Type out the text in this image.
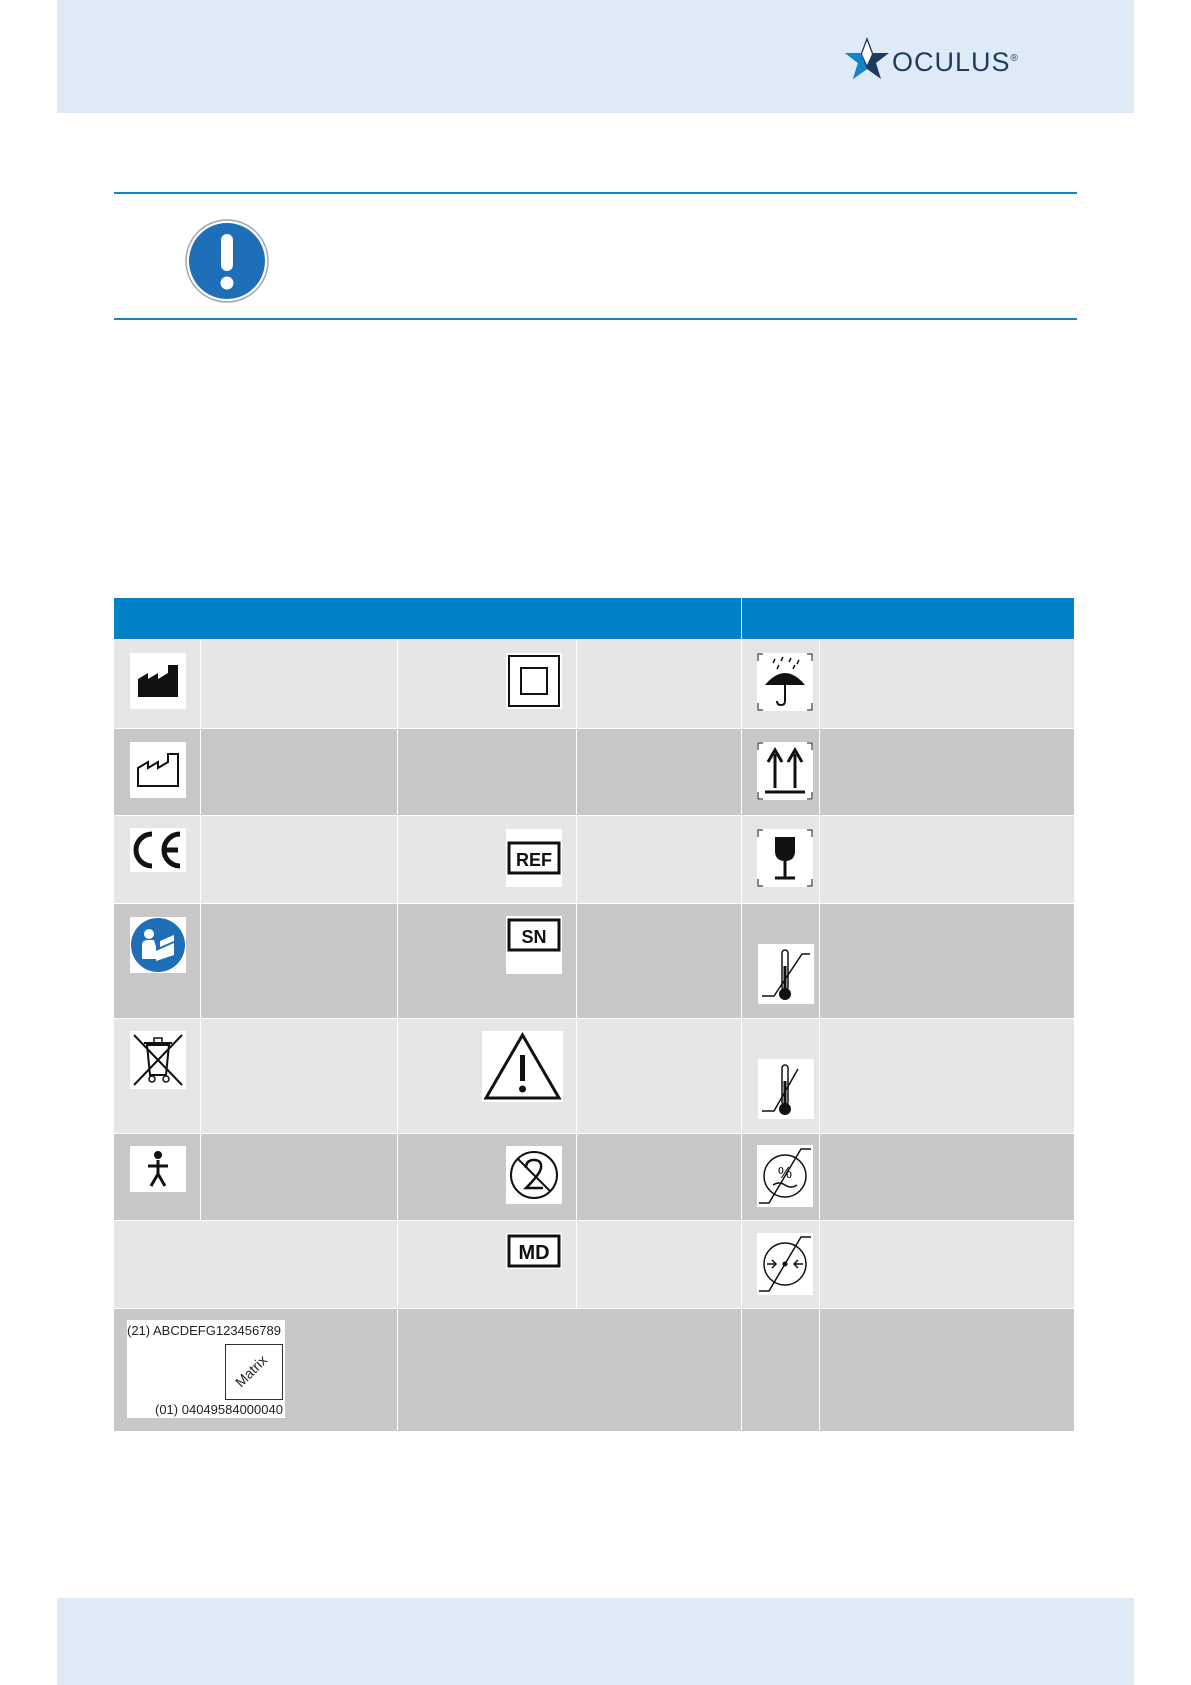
OCULUS®
REF
SN
MD
%
(21) ABCDEFG123456789
Matrix
(01) 04049584000040
